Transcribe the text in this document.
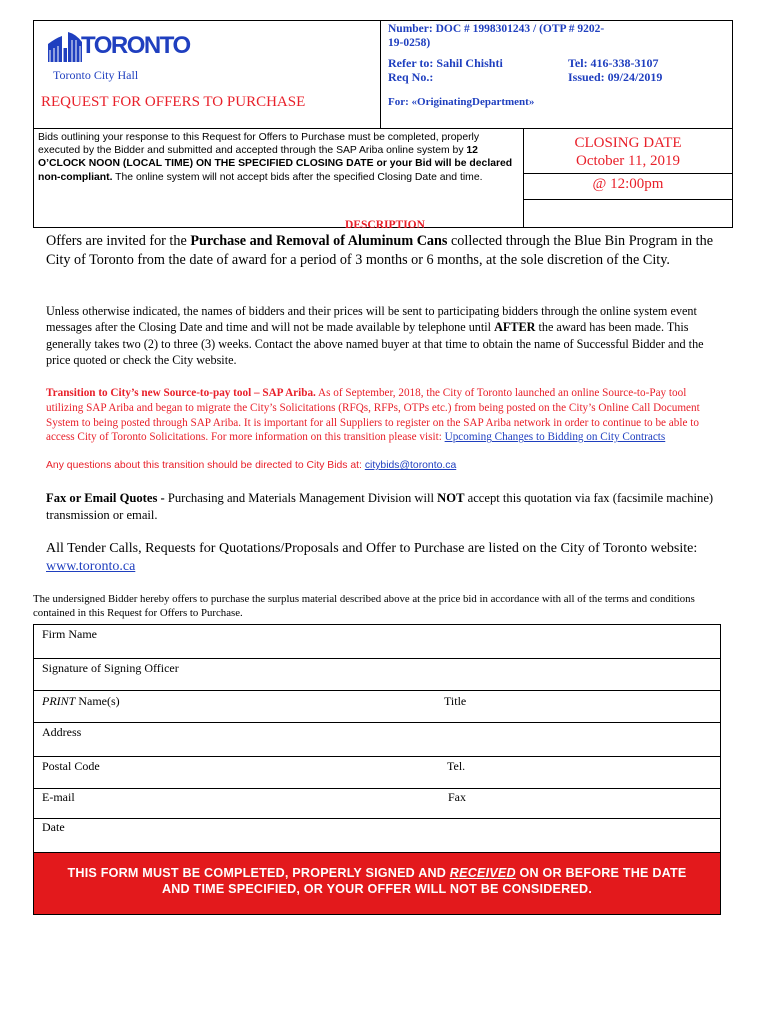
TORONTO
Toronto City Hall
Number: DOC # 1998301243 / (OTP # 9202-
19-0258)
Refer to: Sahil Chishti
Req No.:
Tel: 416-338-3107
Issued: 09/24/2019
REQUEST FOR OFFERS TO PURCHASE	For: «OriginatingDepartment»
Bids outlining your response to this Request for Offers to Purchase must be completed, properly executed by the Bidder and submitted and accepted through the SAP Ariba online system by 12 O’CLOCK NOON (LOCAL TIME) ON THE SPECIFIED CLOSING DATE or your Bid will be declared non-compliant. The online system will not accept bids after the specified Closing Date and time.
CLOSING DATE
October 11, 2019
@ 12:00pm
DESCRIPTION
Offers are invited for the Purchase and Removal of Aluminum Cans collected through the Blue Bin Program in the City of Toronto from the date of award for a period of 3 months or 6 months, at the sole discretion of the City.
Unless otherwise indicated, the names of bidders and their prices will be sent to participating bidders through the online system event messages after the Closing Date and time and will not be made available by telephone until AFTER the award has been made. This generally takes two (2) to three (3) weeks. Contact the above named buyer at that time to obtain the name of Successful Bidder and the price quoted or check the City website.
Transition to City’s new Source-to-pay tool – SAP Ariba. As of September, 2018, the City of Toronto launched an online Source-to-Pay tool utilizing SAP Ariba and began to migrate the City’s Solicitations (RFQs, RFPs, OTPs etc.) from being posted on the City’s Online Call Document System to being posted through SAP Ariba. It is important for all Suppliers to register on the SAP Ariba network in order to continue to be able to access City of Toronto Solicitations. For more information on this transition please visit: Upcoming Changes to Bidding on City Contracts
Any questions about this transition should be directed to City Bids at: citybids@toronto.ca
Fax or Email Quotes - Purchasing and Materials Management Division will NOT accept this quotation via fax (facsimile machine) transmission or email.
All Tender Calls, Requests for Quotations/Proposals and Offer to Purchase are listed on the City of Toronto website: www.toronto.ca
The undersigned Bidder hereby offers to purchase the surplus material described above at the price bid in accordance with all of the terms and conditions contained in this Request for Offers to Purchase.
Firm Name
Signature of Signing Officer
PRINT Name(s)	Title
Address
Postal Code	Tel.
E-mail	Fax
Date
THIS FORM MUST BE COMPLETED, PROPERLY SIGNED AND RECEIVED ON OR BEFORE THE DATE AND TIME SPECIFIED, OR YOUR OFFER WILL NOT BE CONSIDERED.
